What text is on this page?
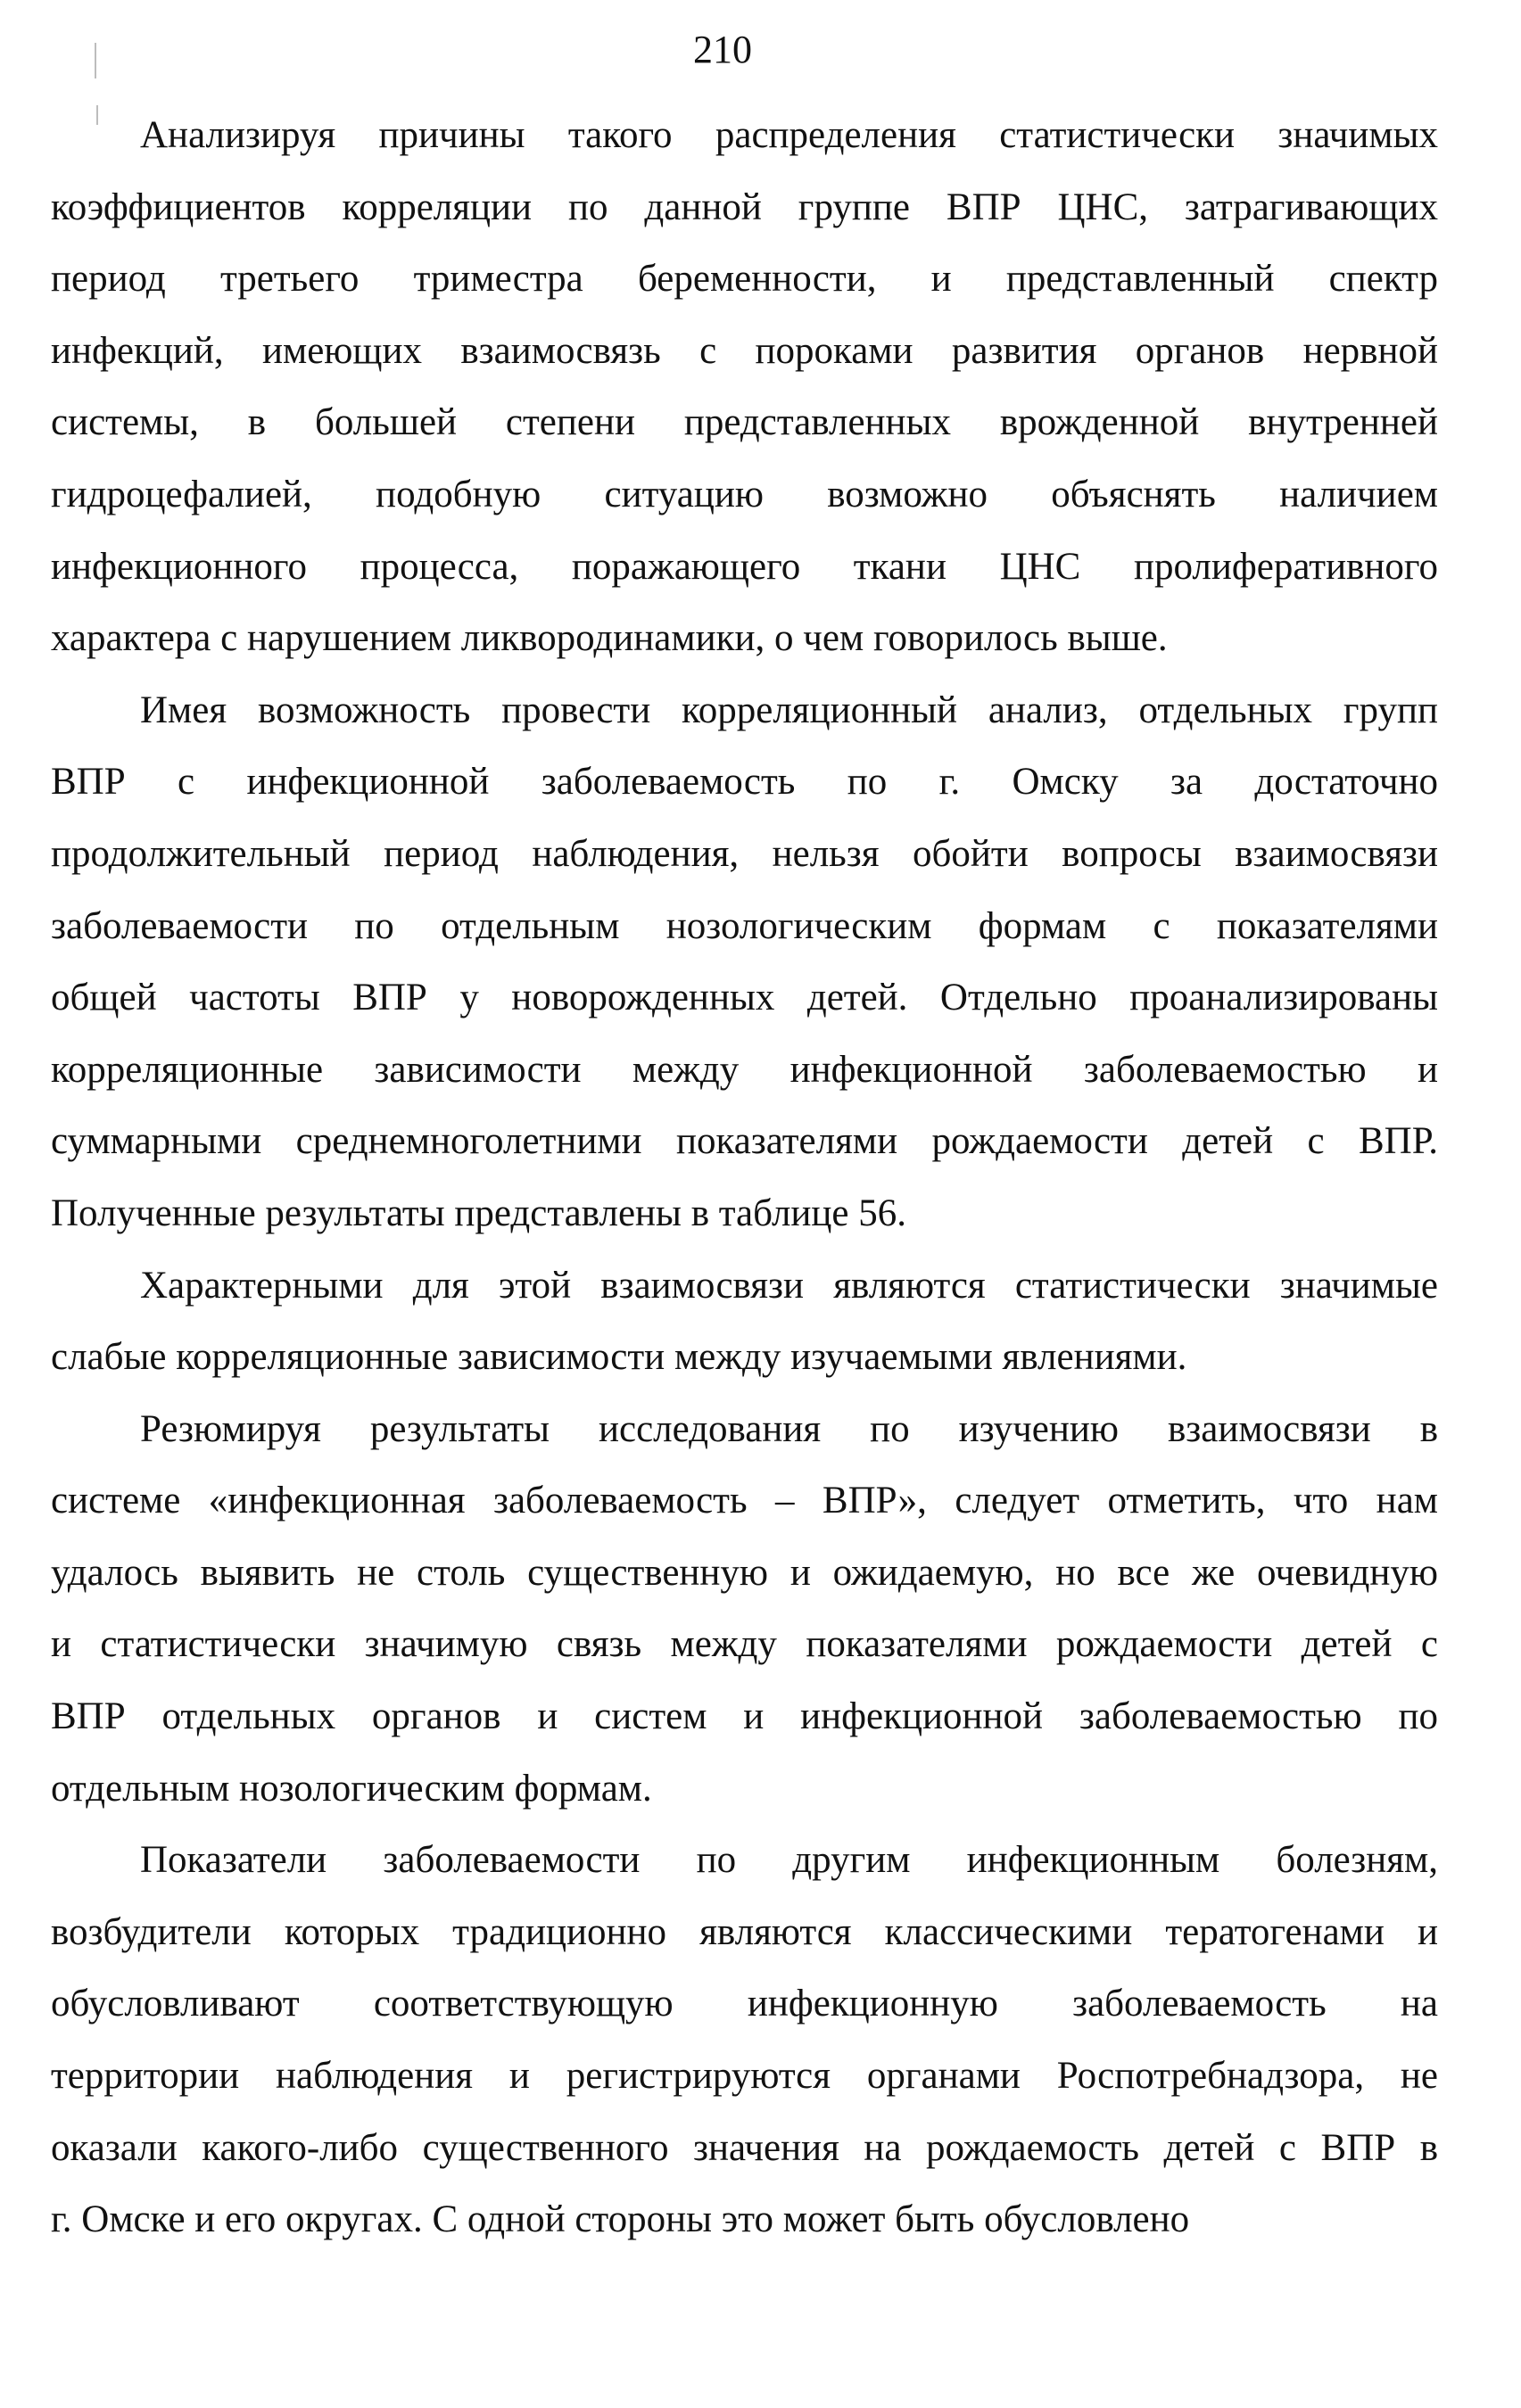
210
Анализируя причины такого распределения статистически значимых
коэффициентов корреляции по данной группе ВПР ЦНС, затрагивающих
период третьего триместра беременности, и представленный спектр
инфекций, имеющих взаимосвязь с пороками развития органов нервной
системы, в большей степени представленных врожденной внутренней
гидроцефалией, подобную ситуацию возможно объяснять наличием
инфекционного процесса, поражающего ткани ЦНС пролиферативного
характера с нарушением ликвородинамики, о чем говорилось выше.
Имея возможность провести корреляционный анализ, отдельных групп
ВПР с инфекционной заболеваемость по г. Омску за достаточно
продолжительный период наблюдения, нельзя обойти вопросы взаимосвязи
заболеваемости по отдельным нозологическим формам с показателями
общей частоты ВПР у новорожденных детей. Отдельно проанализированы
корреляционные зависимости между инфекционной заболеваемостью и
суммарными среднемноголетними показателями рождаемости детей с ВПР.
Полученные результаты представлены в таблице 56.
Характерными для этой взаимосвязи являются статистически значимые
слабые корреляционные зависимости между изучаемыми явлениями.
Резюмируя результаты исследования по изучению взаимосвязи в
системе «инфекционная заболеваемость – ВПР», следует отметить, что нам
удалось выявить не столь существенную и ожидаемую, но все же очевидную
и статистически значимую связь между показателями рождаемости детей с
ВПР отдельных органов и систем и инфекционной заболеваемостью по
отдельным нозологическим формам.
Показатели заболеваемости по другим инфекционным болезням,
возбудители которых традиционно являются классическими тератогенами и
обусловливают соответствующую инфекционную заболеваемость на
территории наблюдения и регистрируются органами Роспотребнадзора, не
оказали какого-либо существенного значения на рождаемость детей с ВПР в
г. Омске и его округах. С одной стороны это может быть обусловлено
